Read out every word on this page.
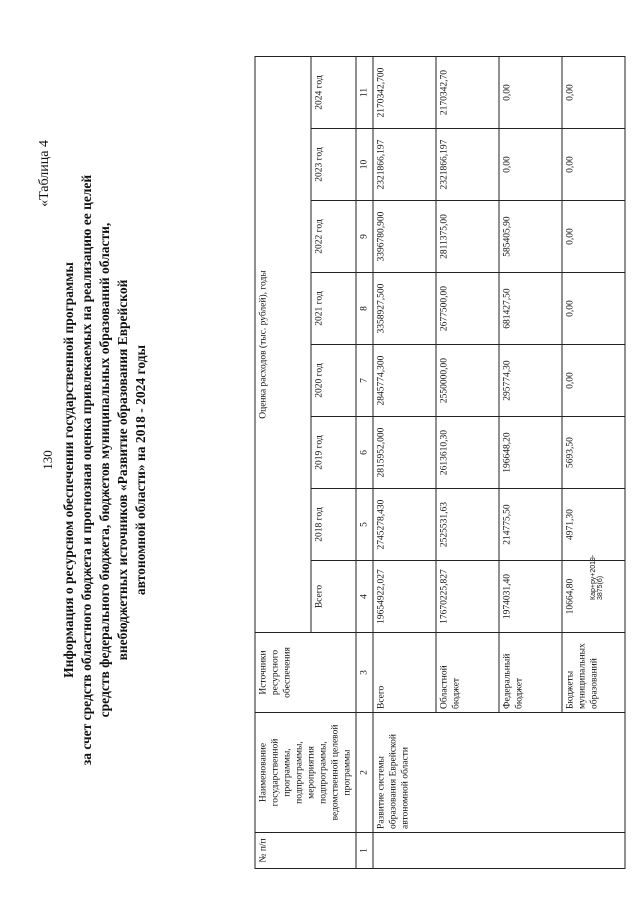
130
«Таблица 4
Информация о ресурсном обеспечении государственной программы за счет средств областного бюджета и прогнозная оценка привлекаемых на реализацию ее целей средств федерального бюджета, бюджетов муниципальных образований области, внебюджетных источников «Развитие образования Еврейской автономной области» на 2018 - 2024 годы
№ п/п	Наименование государственной программы, подпрограммы, мероприятия подпрограммы, ведомственной целевой программы	Источники ресурсного обеспечения	Оценка расходов (тыс. рублей), годы							
			Всего	2018 год	2019 год	2020 год	2021 год	2022 год	2023 год	2024 год
1	2	3	4	5	6	7	8	9	10	11
	Развитие системы образования Еврейской автономной области	Всего	19654922,027	2745278,430	2815952,000	2845774,300	3358927,500	3396780,900	2321866,197	2170342,700
		Областной бюджет	17670225,827	2525531,63	2613610,30	2550000,00	2677500,00	2811375,00	2321866,197	2170342,70
		Федеральный бюджет	1974031,40	214775,50	196648,20	295774,30	681427,50	585405,90	0,00	0,00
		Бюджеты муниципальных образований	10664,80	4971,30	5693,50	0,00	0,00	0,00	0,00	0,00
Кар+ру+2019-3875(6)
